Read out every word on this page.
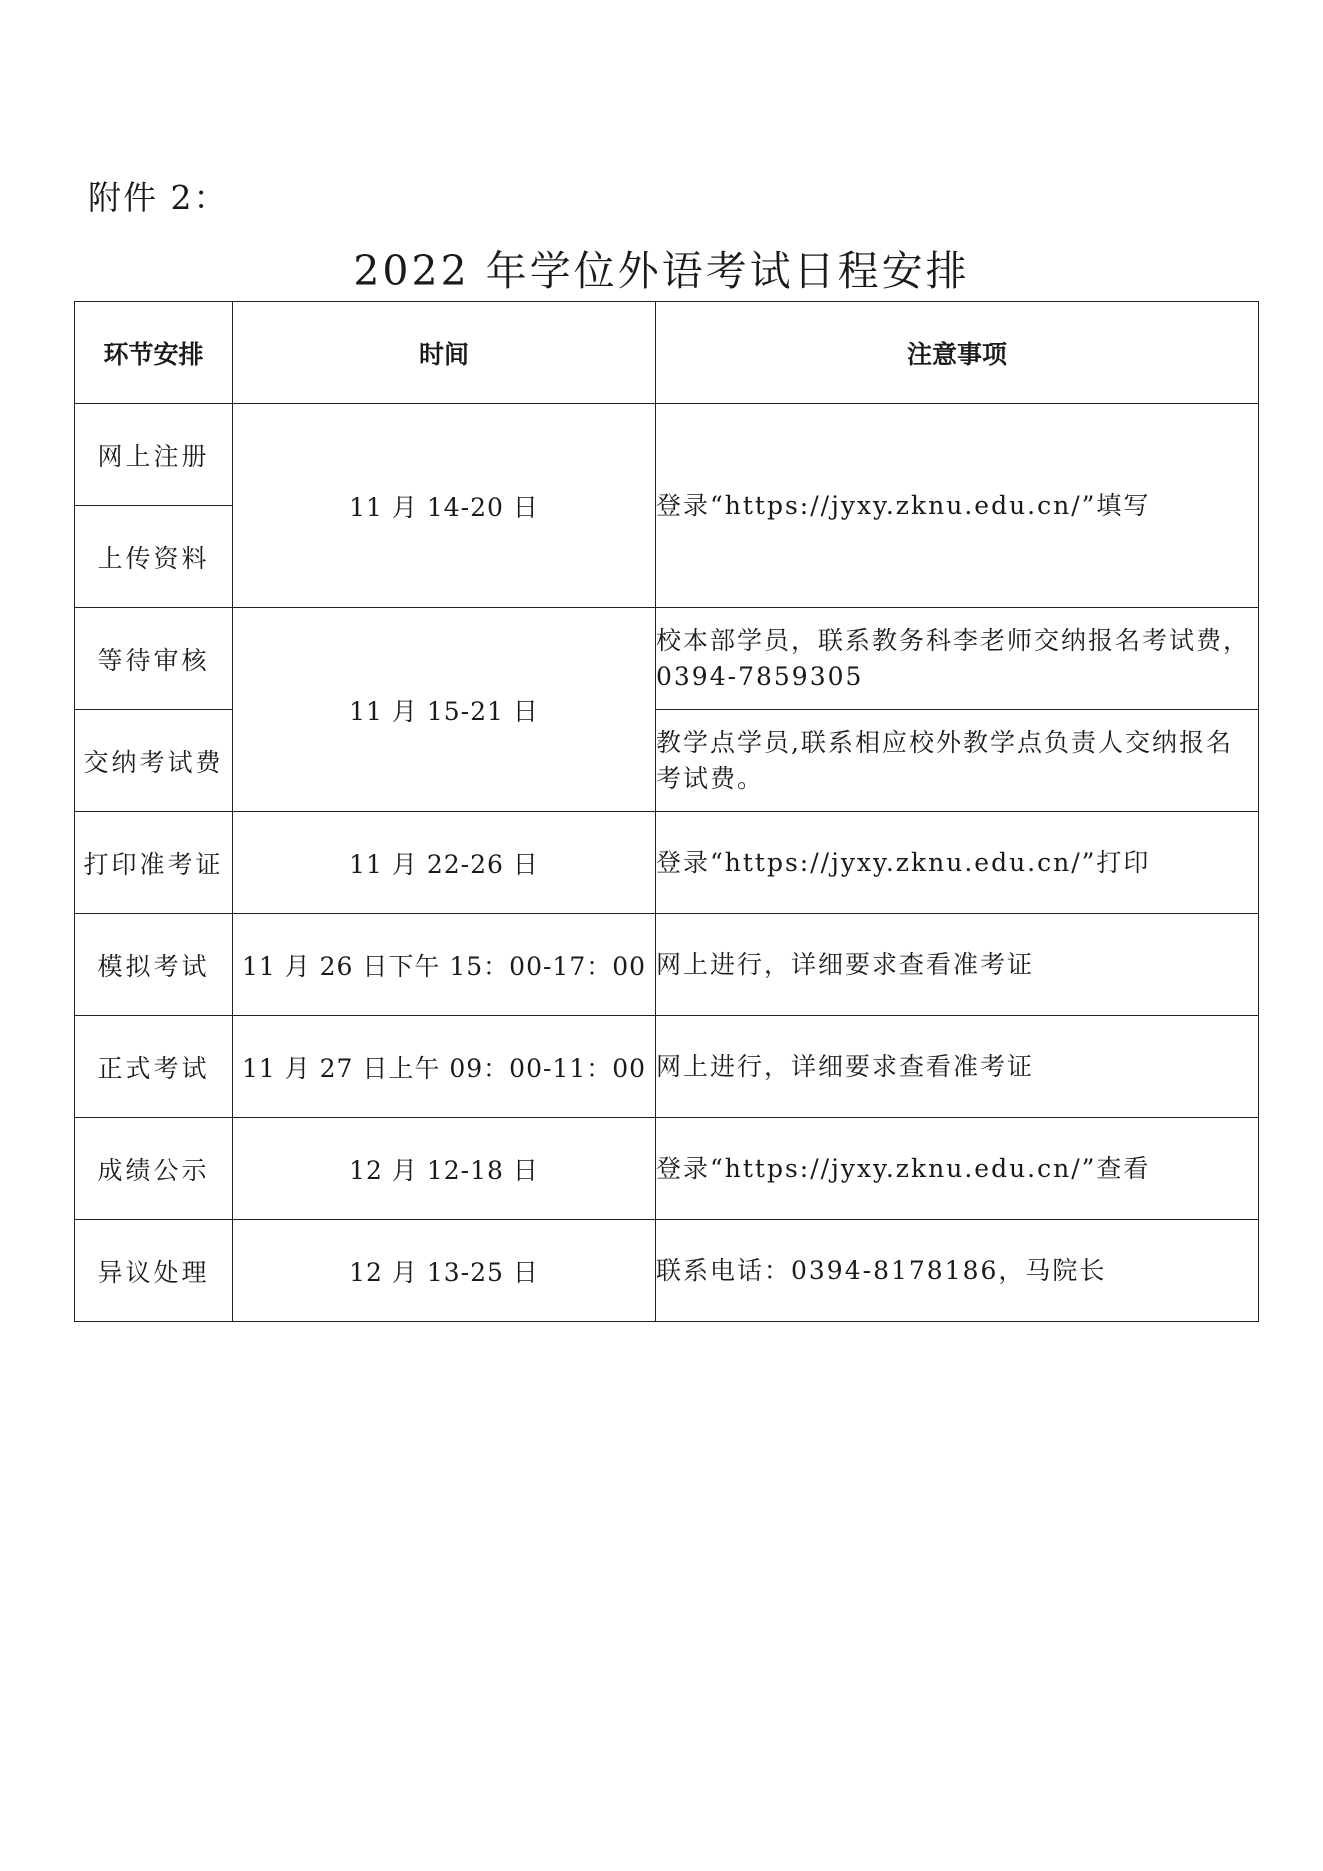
附件 2：
2022 年学位外语考试日程安排
环节安排	时间	注意事项
网上注册	11 月 14-20 日	登录“https://jyxy.zknu.edu.cn/”填写
上传资料		
等待审核	11 月 15-21 日	校本部学员，联系教务科李老师交纳报名考试费，0394-7859305
交纳考试费		教学点学员,联系相应校外教学点负责人交纳报名考试费。
打印准考证	11 月 22-26 日	登录“https://jyxy.zknu.edu.cn/”打印
模拟考试	11 月 26 日下午 15：00-17：00	网上进行，详细要求查看准考证
正式考试	11 月 27 日上午 09：00-11：00	网上进行，详细要求查看准考证
成绩公示	12 月 12-18 日	登录“https://jyxy.zknu.edu.cn/”查看
异议处理	12 月 13-25 日	联系电话：0394-8178186，马院长
